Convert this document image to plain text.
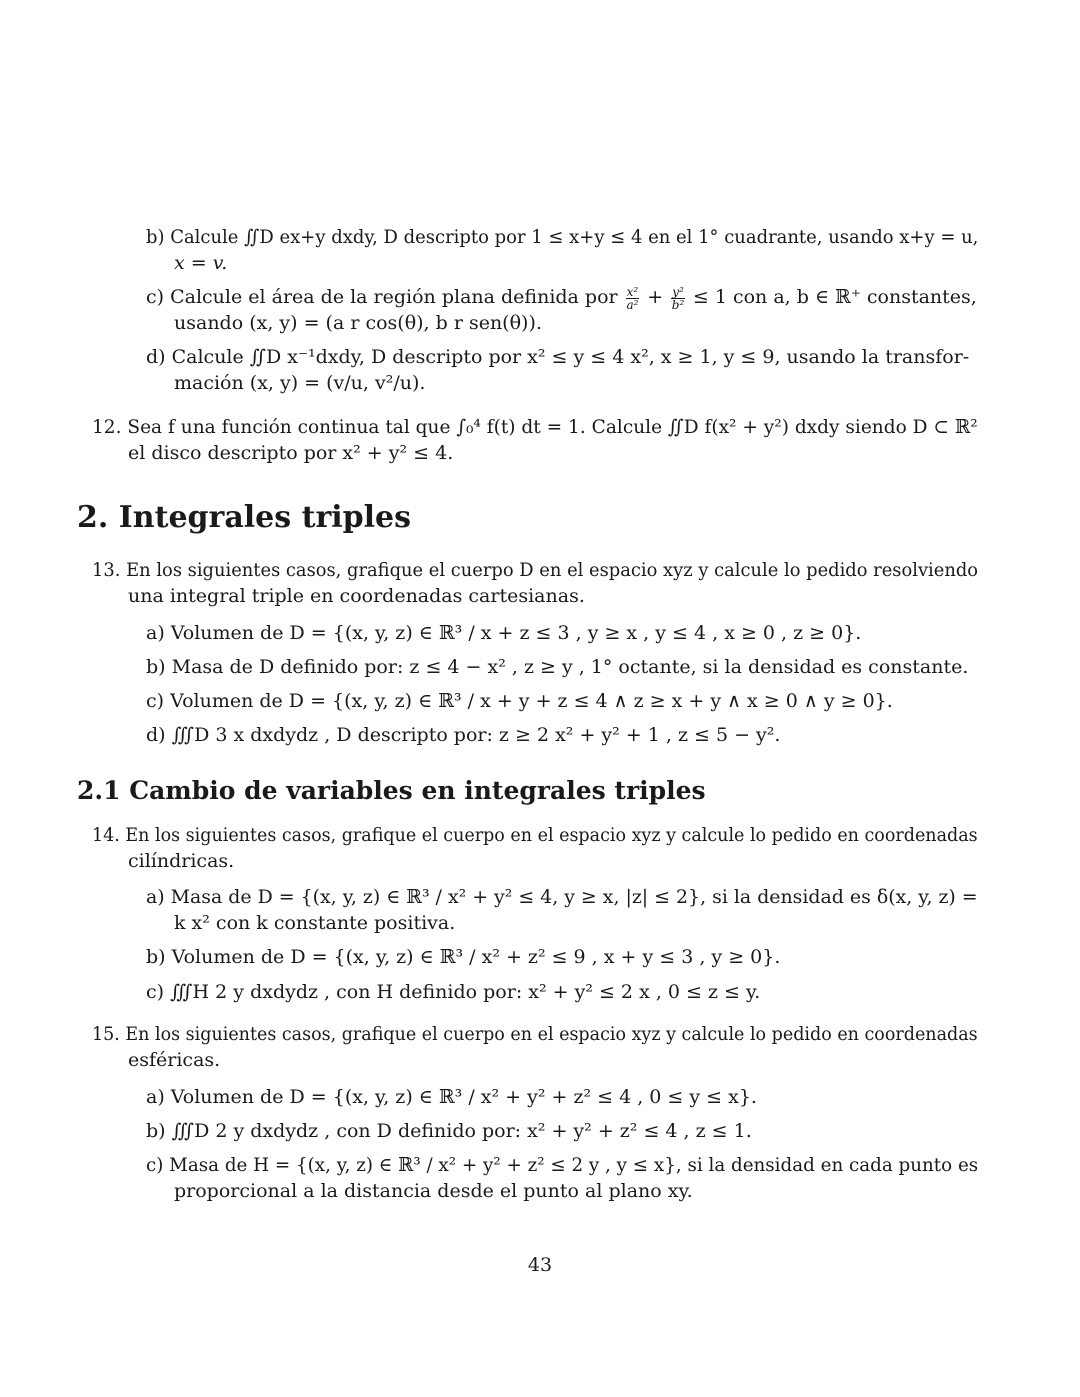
b) Calcule ∬D ex+y dxdy, D descripto por 1 ≤ x+y ≤ 4 en el 1° cuadrante, usando x+y = u,
x = v.
c) Calcule el área de la región plana definida por $\frac{\text{x²}}{\text{a²}} + \frac{\text{y²}}{\text{b²}} \le 1$ con a, b ∈ ℝ⁺ constantes,
usando (x, y) = (a r cos(θ), b r sen(θ)).
d) Calcule ∬D x⁻¹dxdy, D descripto por x² ≤ y ≤ 4 x², x ≥ 1, y ≤ 9, usando la transfor-
mación (x, y) = (v/u, v²/u).
12. Sea f una función continua tal que ∫₀⁴ f(t) dt = 1. Calcule ∬D f(x² + y²) dxdy siendo D ⊂ ℝ²
el disco descripto por x² + y² ≤ 4.
2. Integrales triples
13. En los siguientes casos, grafique el cuerpo D en el espacio xyz y calcule lo pedido resolviendo
una integral triple en coordenadas cartesianas.
a) Volumen de D = {(x, y, z) ∈ ℝ³ / x + z ≤ 3 , y ≥ x , y ≤ 4 , x ≥ 0 , z ≥ 0}.
b) Masa de D definido por: z ≤ 4 − x² , z ≥ y , 1° octante, si la densidad es constante.
c) Volumen de D = {(x, y, z) ∈ ℝ³ / x + y + z ≤ 4 ∧ z ≥ x + y ∧ x ≥ 0 ∧ y ≥ 0}.
d) ∭D 3 x dxdydz , D descripto por: z ≥ 2 x² + y² + 1 , z ≤ 5 − y².
2.1 Cambio de variables en integrales triples
14. En los siguientes casos, grafique el cuerpo en el espacio xyz y calcule lo pedido en coordenadas
cilíndricas.
a) Masa de D = {(x, y, z) ∈ ℝ³ / x² + y² ≤ 4, y ≥ x, |z| ≤ 2}, si la densidad es δ(x, y, z) =
k x² con k constante positiva.
b) Volumen de D = {(x, y, z) ∈ ℝ³ / x² + z² ≤ 9 , x + y ≤ 3 , y ≥ 0}.
c) ∭H 2 y dxdydz , con H definido por: x² + y² ≤ 2 x , 0 ≤ z ≤ y.
15. En los siguientes casos, grafique el cuerpo en el espacio xyz y calcule lo pedido en coordenadas
esféricas.
a) Volumen de D = {(x, y, z) ∈ ℝ³ / x² + y² + z² ≤ 4 , 0 ≤ y ≤ x}.
b) ∭D 2 y dxdydz , con D definido por: x² + y² + z² ≤ 4 , z ≤ 1.
c) Masa de H = {(x, y, z) ∈ ℝ³ / x² + y² + z² ≤ 2 y , y ≤ x}, si la densidad en cada punto es
proporcional a la distancia desde el punto al plano xy.
43
